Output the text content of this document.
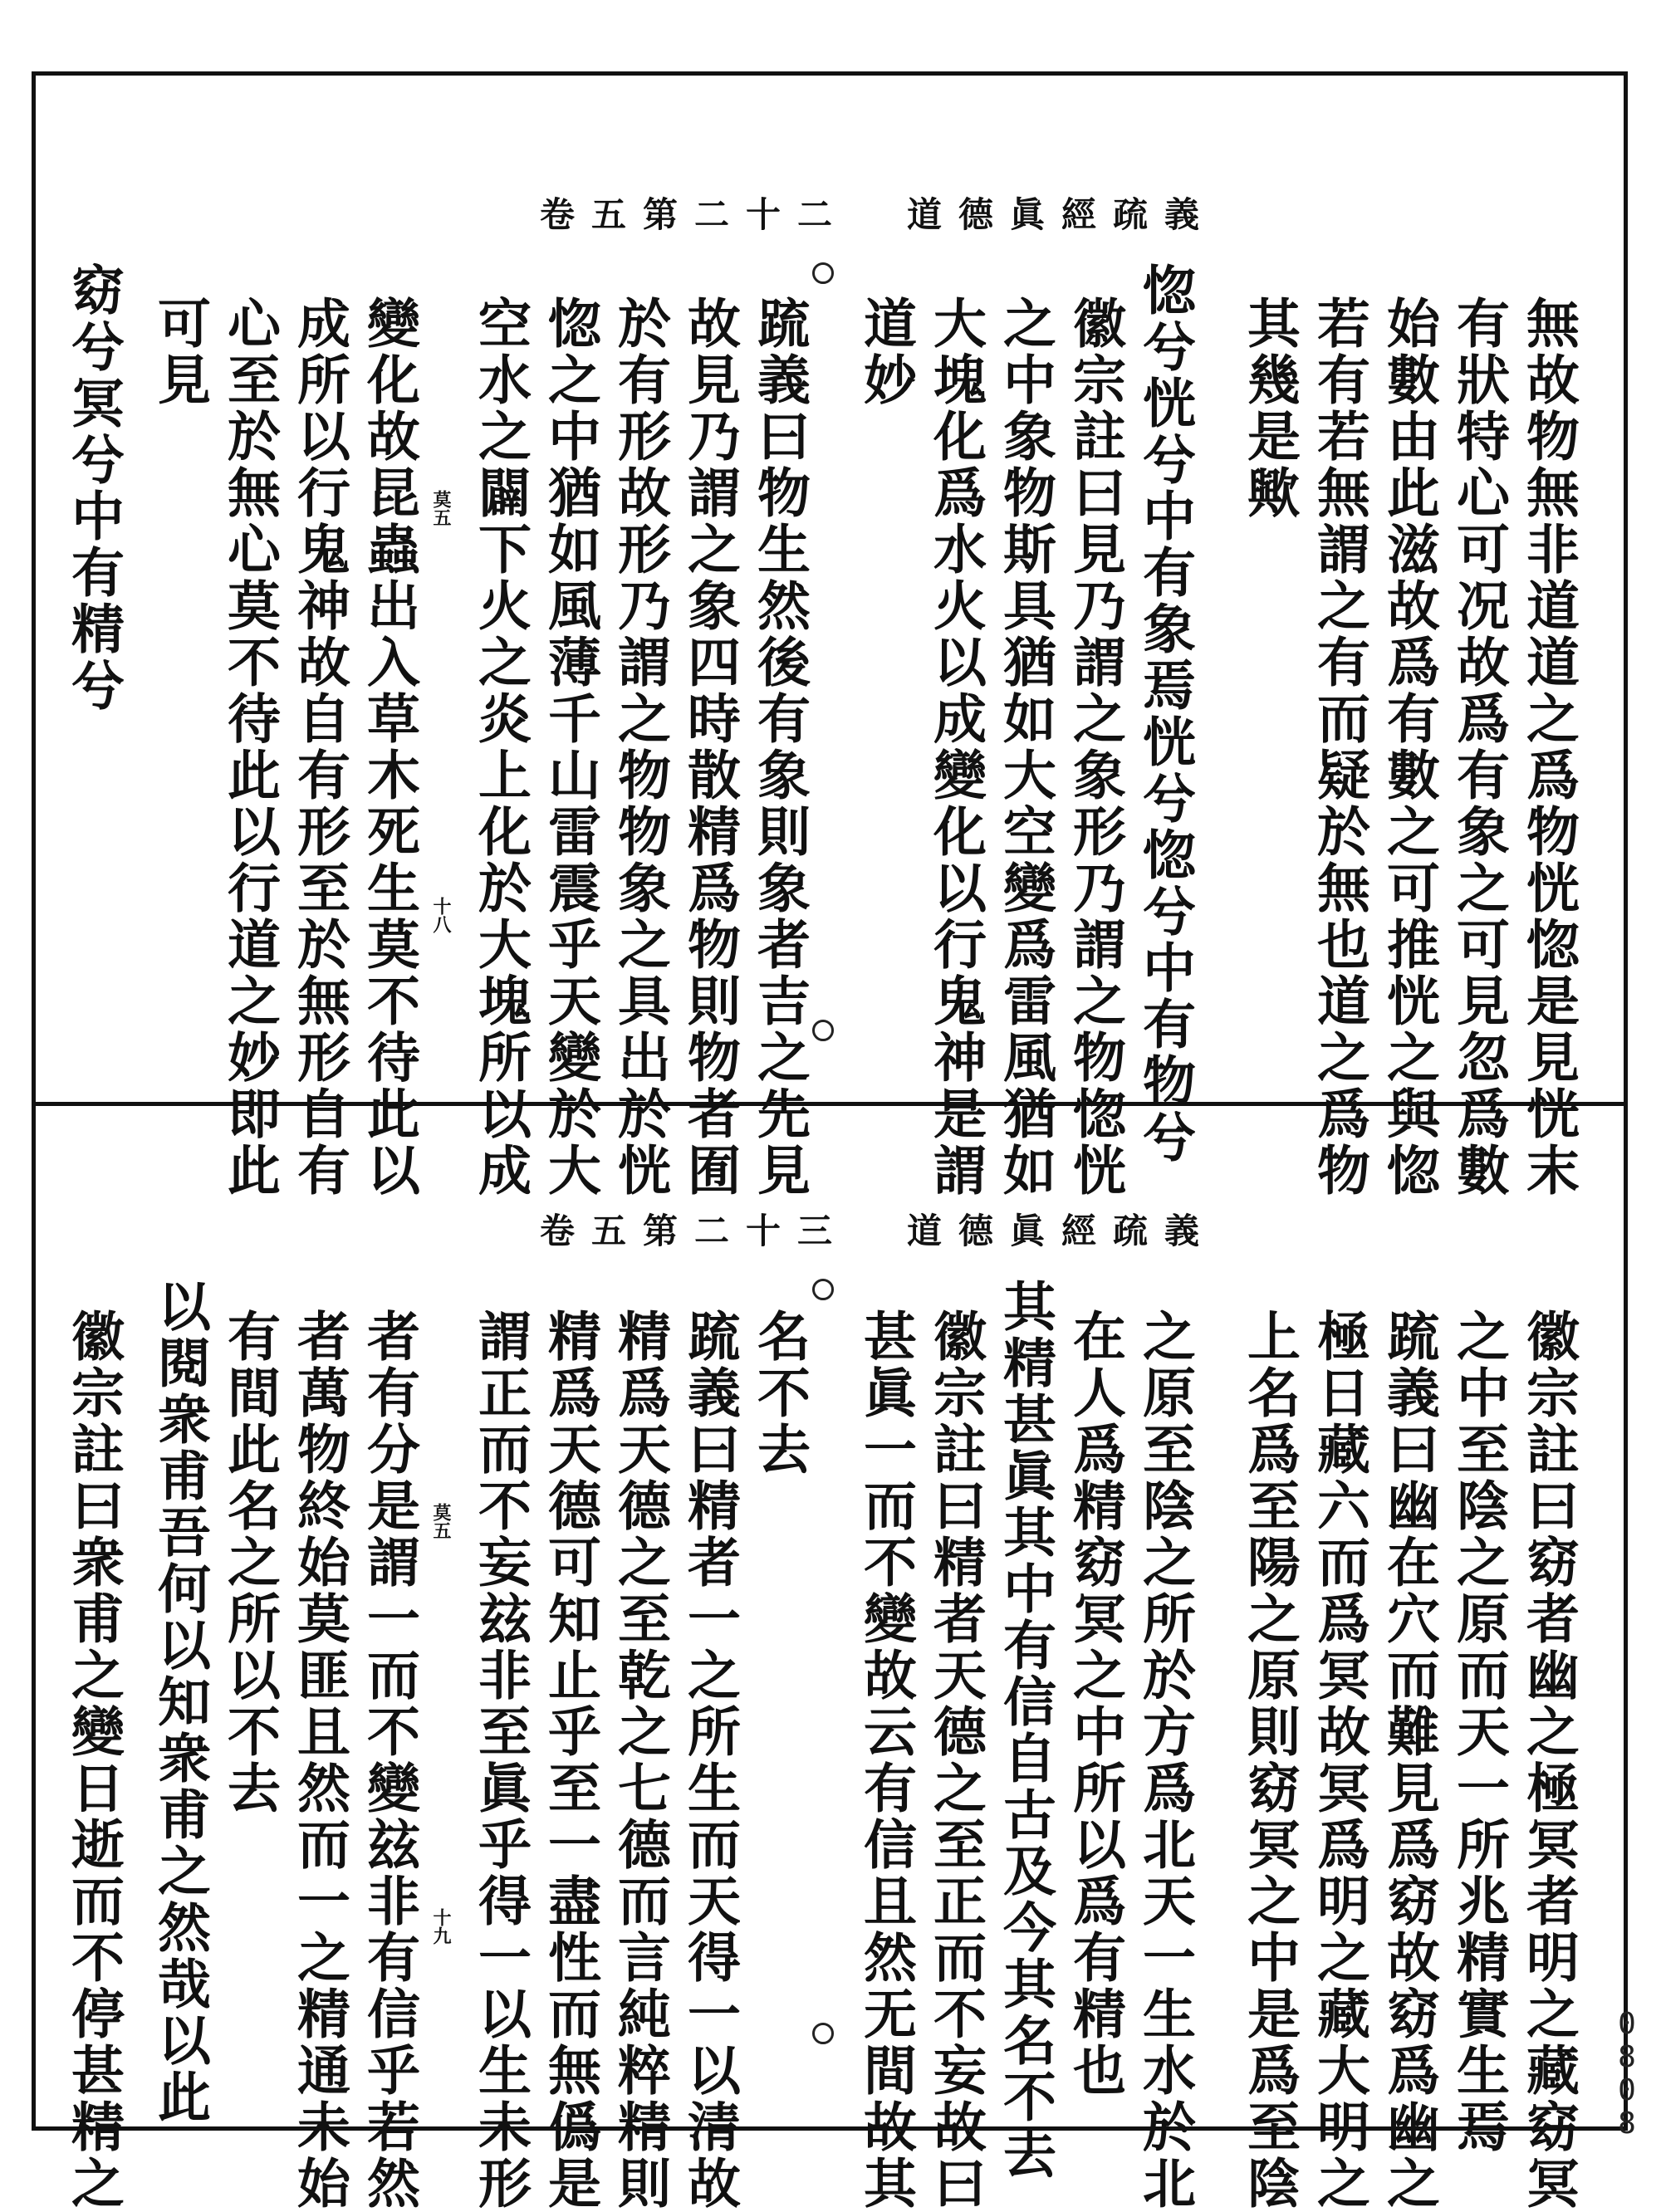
卷五第二十二 道德眞經疏義
無故物無非道道之爲物恍惚是見恍末
有狀特心可况故爲有象之可見忽爲數
始數由此滋故爲有數之可推恍之與惚
若有若無謂之有而疑於無也道之爲物
其幾是歟
惚兮恍兮中有象焉恍兮惚兮中有物兮
徽宗註曰見乃謂之象形乃謂之物惚恍
之中象物斯具猶如大空變爲雷風猶如
大塊化爲水火以成變化以行鬼神是謂
道妙
䟽義曰物生然後有象則象者吉之先見
故見乃謂之象四時散精爲物則物者囿
於有形故形乃謂之物物象之具出於恍
惚之中猶如風薄千山雷震乎天變於大
空水之闢下火之炎上化於大塊所以成
變化故昆蟲出入草木死生莫不待此以
成所以行鬼神故自有形至於無形自有
心至於無心莫不待此以行道之妙即此
可見
窈兮冥兮中有精兮	莫五
十八
卷五第二十三 道德眞經疏義
徽宗註曰窈者幽之極冥者明之藏窈冥
之中至陰之原而天一所兆精實生焉
䟽義曰幽在穴而難見爲窈故窈爲幽之
極日藏六而爲冥故冥爲明之藏大明之
上名爲至陽之原則窈冥之中是爲至陰
之原至陰之所於方爲北天一生水於北
在人爲精窈冥之中所以爲有精也
其精甚眞其中有信自古及今其名不去
徽宗註曰精者天德之至正而不妄故曰
甚眞一而不變故云有信且然无間故其
名不去
䟽義曰精者一之所生而天得一以清故
精爲天德之至乾之七德而言純粹精則
精爲天德可知止乎至一盡性而無僞是
謂正而不妄玆非至眞乎得一以生未形
者有分是謂一而不變玆非有信乎若然
者萬物終始莫匪且然而一之精通未始
有間此名之所以不去
以閱衆甫吾何以知衆甫之然哉以此
徽宗註曰衆甫之變日逝而不停甚精之	莫五
十九
0
8
0
8
